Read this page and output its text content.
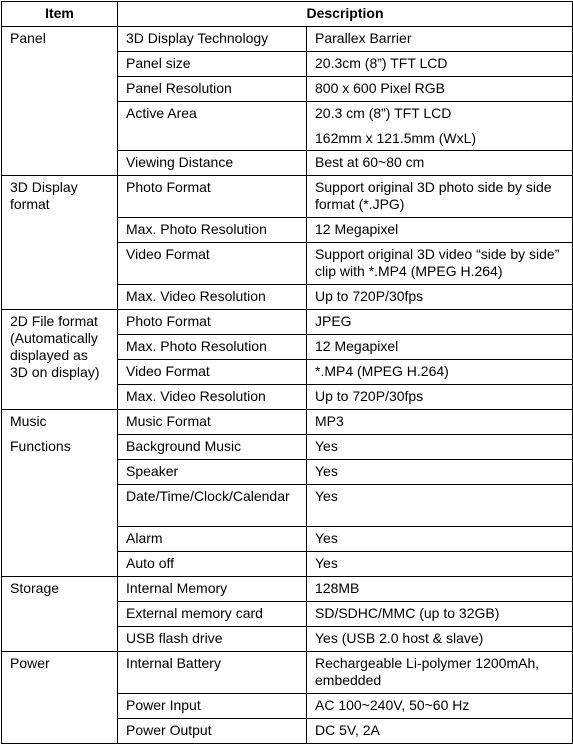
Item	Description	

Panel	3D Display Technology	Parallex Barrier

	Panel size	20.3cm (8”) TFT LCD

	Panel Resolution	800 x 600 Pixel RGB

	Active Area	20.3 cm (8”) TFT LCD
162mm x 121.5mm (WxL)

	Viewing Distance	Best at 60~80 cm

3D Display
format	Photo Format	Support original 3D photo side by side format (*.JPG)

	Max. Photo Resolution	12 Megapixel

	Video Format	Support original 3D video “side by side” clip with *.MP4 (MPEG H.264)

	Max. Video Resolution	Up to 720P/30fps

2D File format
(Automatically
displayed as
3D on display)	Photo Format	JPEG

	Max. Photo Resolution	12 Megapixel

	Video Format	*.MP4 (MPEG H.264)

	Max. Video Resolution	Up to 720P/30fps

Music
Functions	Music Format	MP3

	Background Music	Yes

	Speaker	Yes

	Date/Time/Clock/Calendar	Yes

	Alarm	Yes

	Auto off	Yes

Storage	Internal Memory	128MB

	External memory card	SD/SDHC/MMC (up to 32GB)

	USB flash drive	Yes (USB 2.0 host & slave)

Power	Internal Battery	Rechargeable Li-polymer 1200mAh, embedded

	Power Input	AC 100~240V, 50~60 Hz

	Power Output	DC 5V, 2A
